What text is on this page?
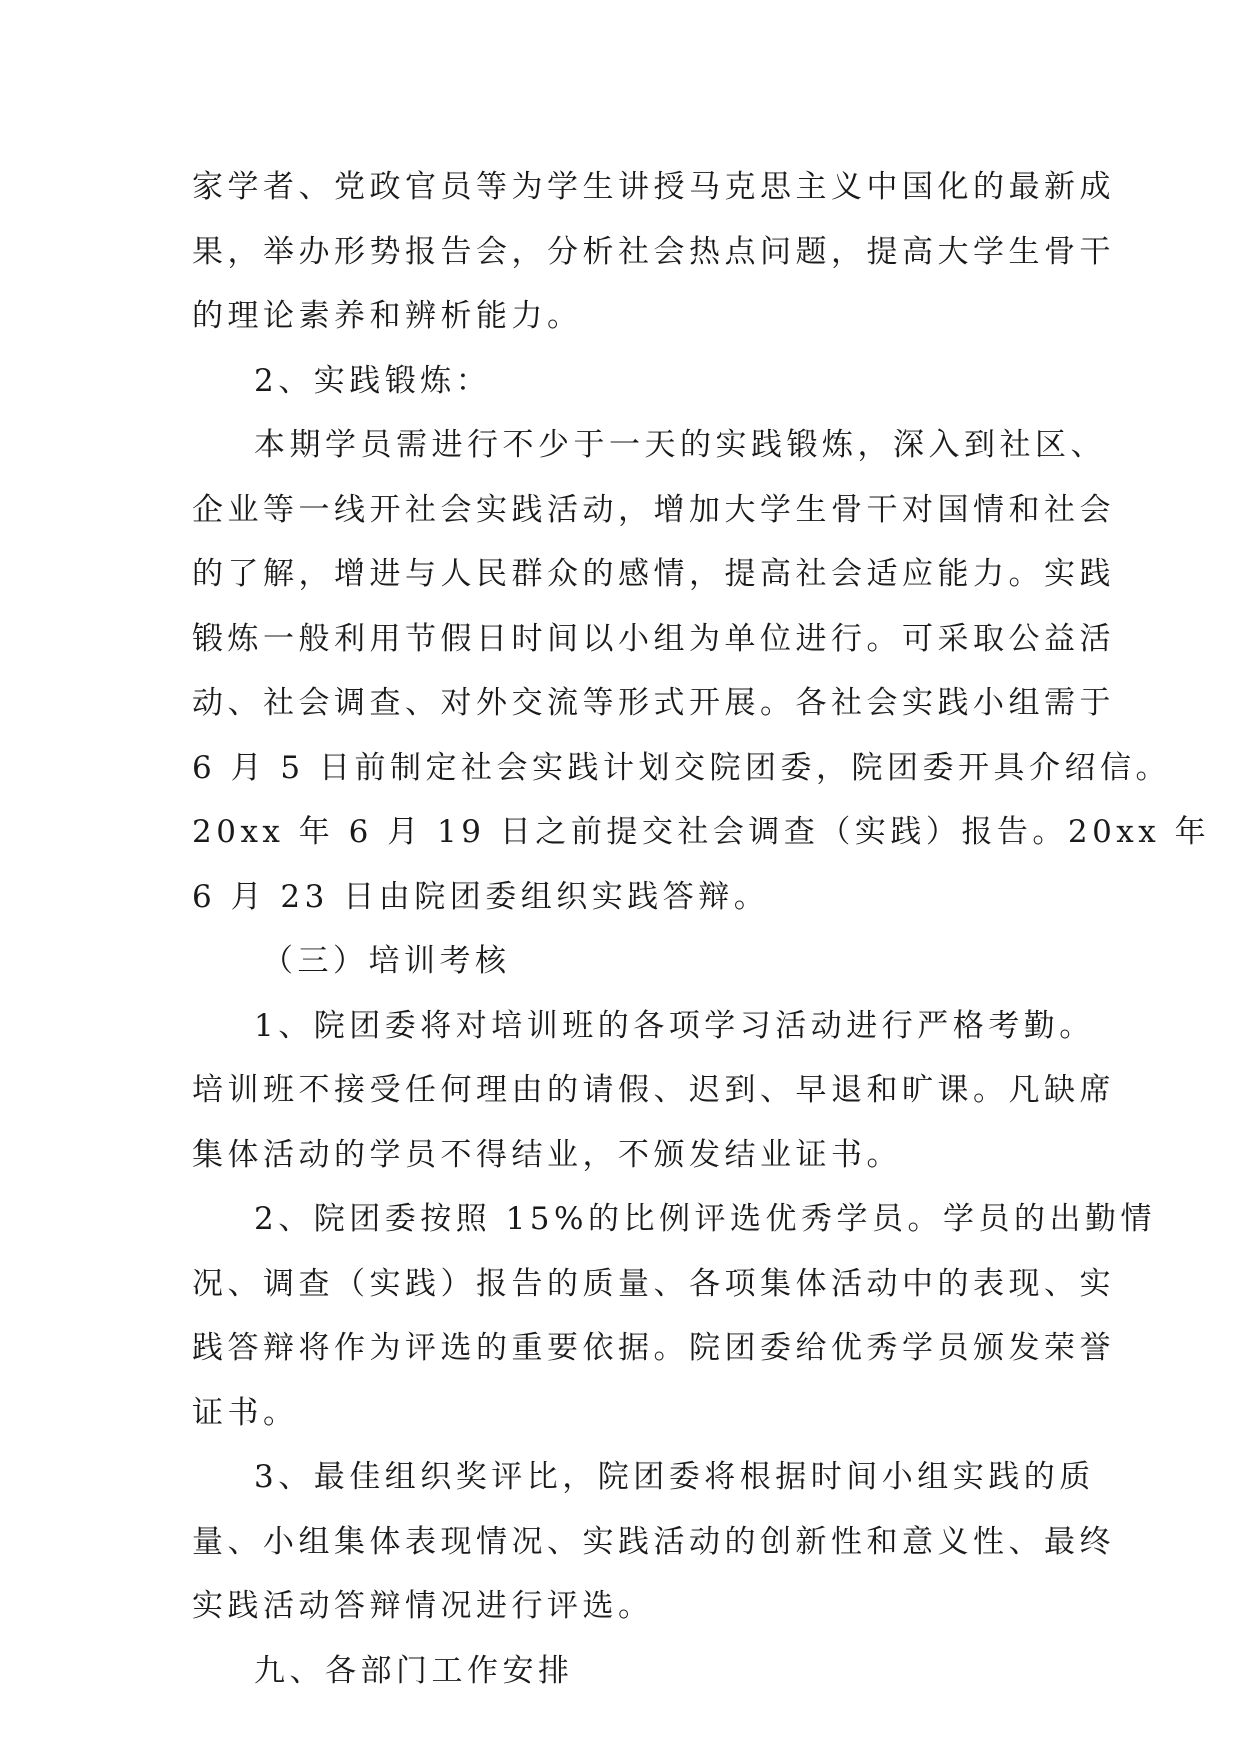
家学者、党政官员等为学生讲授马克思主义中国化的最新成
果，举办形势报告会，分析社会热点问题，提高大学生骨干
的理论素养和辨析能力。
2、实践锻炼：
本期学员需进行不少于一天的实践锻炼，深入到社区、
企业等一线开社会实践活动，增加大学生骨干对国情和社会
的了解，增进与人民群众的感情，提高社会适应能力。实践
锻炼一般利用节假日时间以小组为单位进行。可采取公益活
动、社会调查、对外交流等形式开展。各社会实践小组需于
6 月 5 日前制定社会实践计划交院团委，院团委开具介绍信。
20xx 年 6 月 19 日之前提交社会调查（实践）报告。20xx 年
6 月 23 日由院团委组织实践答辩。
（三）培训考核
1、院团委将对培训班的各项学习活动进行严格考勤。
培训班不接受任何理由的请假、迟到、早退和旷课。凡缺席
集体活动的学员不得结业，不颁发结业证书。
2、院团委按照 15%的比例评选优秀学员。学员的出勤情
况、调查（实践）报告的质量、各项集体活动中的表现、实
践答辩将作为评选的重要依据。院团委给优秀学员颁发荣誉
证书。
3、最佳组织奖评比，院团委将根据时间小组实践的质
量、小组集体表现情况、实践活动的创新性和意义性、最终
实践活动答辩情况进行评选。
九、各部门工作安排
